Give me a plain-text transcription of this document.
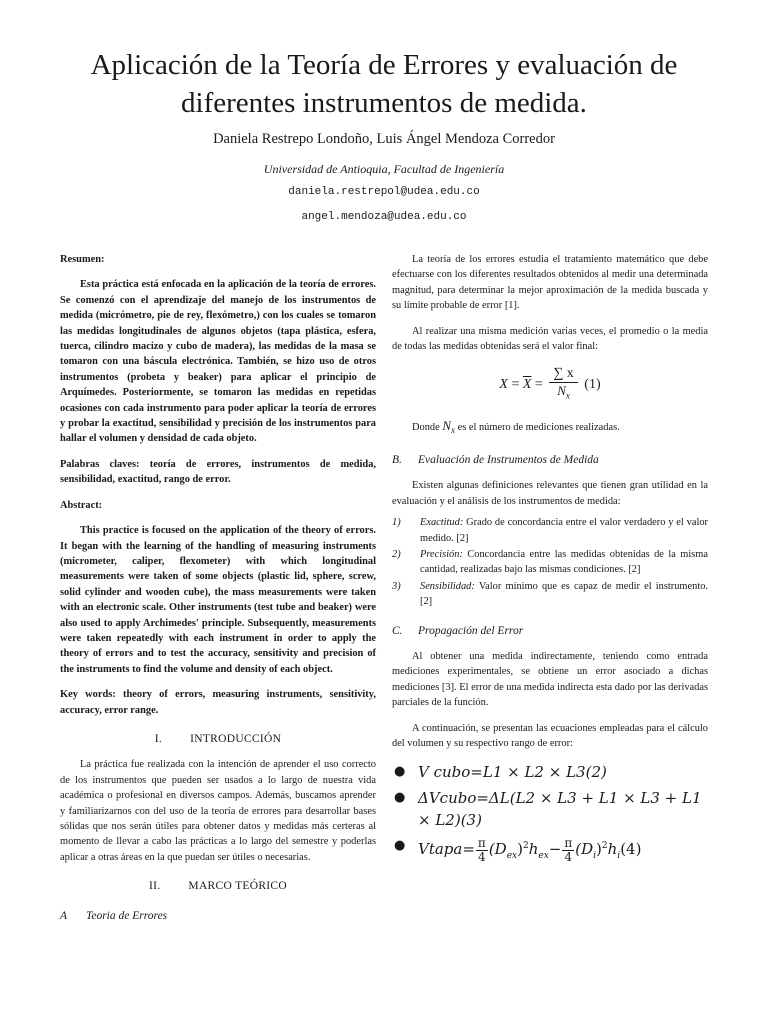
Aplicación de la Teoría de Errores y evaluación de diferentes instrumentos de medida.
Daniela Restrepo Londoño, Luis Ángel Mendoza Corredor
Universidad de Antioquia, Facultad de Ingeniería
daniela.restrepol@udea.edu.co
angel.mendoza@udea.edu.co

Resumen:

Esta práctica está enfocada en la aplicación de la teoría de errores. Se comenzó con el aprendizaje del manejo de los instrumentos de medida (micrómetro, pie de rey, flexómetro,) con los cuales se tomaron las medidas longitudinales de algunos objetos (tapa plástica, esfera, tuerca, cilindro macizo y cubo de madera), las medidas de la masa se tomaron con una báscula electrónica. También, se hizo uso de otros instrumentos (probeta y beaker) para aplicar el principio de Arquímedes. Posteriormente, se tomaron las medidas en repetidas ocasiones con cada instrumento para poder aplicar la teoría de errores y probar la exactitud, sensibilidad y precisión de los instrumentos para hallar el volumen y densidad de cada objeto.

Palabras claves: teoría de errores, instrumentos de medida, sensibilidad, exactitud, rango de error.

Abstract:

This practice is focused on the application of the theory of errors. It began with the learning of the handling of measuring instruments (micrometer, caliper, flexometer) with which longitudinal measurements were taken of some objects (plastic lid, sphere, screw, solid cylinder and wooden cube), the mass measurements were taken with an electronic scale. Other instruments (test tube and beaker) were also used to apply Archimedes' principle. Subsequently, measurements were taken repeatedly with each instrument in order to apply the theory of errors and to test the accuracy, sensitivity and precision of the instruments to find the volume and density of each object.

Key words: theory of errors, measuring instruments, sensitivity, accuracy, error range.

I. INTRODUCCIÓN

La práctica fue realizada con la intención de aprender el uso correcto de los instrumentos que pueden ser usados a lo largo de nuestra vida académica o profesional en diversos campos. Además, buscamos aprender y familiarizarnos con del uso de la teoría de errores para desarrollar bases sólidas que nos serán útiles para obtener datos y medidas más certeras al momento de llevar a cabo las prácticas a lo largo del semestre y poderlas aplicar a otras áreas en la que puedan ser útiles o necesarias.

II. MARCO TEÓRICO
A Teoria de Errores

La teoría de los errores estudia el tratamiento matemático que debe efectuarse con los diferentes resultados obtenidos al medir una determinada magnitud, para determinar la mejor aproximación de la medida buscada y su límite probable de error [1].

Al realizar una misma medición varias veces, el promedio o la media de todas las medidas obtenidas será el valor final:

$X = \overline{X} = \frac{\sum x}{N_x} (1)$

Donde $N_x$ es el número de mediciones realizadas.

B. Evaluación de Instrumentos de Medida

Existen algunas definiciones relevantes que tienen gran utilidad en la evaluación y el análisis de los instrumentos de medida:

1) Exactitud: Grado de concordancia entre el valor verdadero y el valor medido. [2]
2) Precisión: Concordancia entre las medidas obtenidas de la misma cantidad, realizadas bajo las mismas condiciones. [2]
3) Sensibilidad: Valor mínimo que es capaz de medir el instrumento. [2]
C. Propagación del Error

Al obtener una medida indirectamente, teniendo como entrada mediciones experimentales, se obtiene un error asociado a dichas mediciones [3]. El error de una medida indirecta esta dado por las derivadas parciales de la función.

A continuación, se presentan las ecuaciones empleadas para el cálculo del volumen y su respectivo rango de error:

● V cubo=L1 × L2 × L3(2)
● ΔVcubo=ΔL(L2 × L3 + L1 × L3 + L1 × L2)(3)
● Vtapa= $\frac{\pi}{4} (D_{ex})^2h_{ex}- \frac{\pi}{4} (D_i)^2h_i(4)$
